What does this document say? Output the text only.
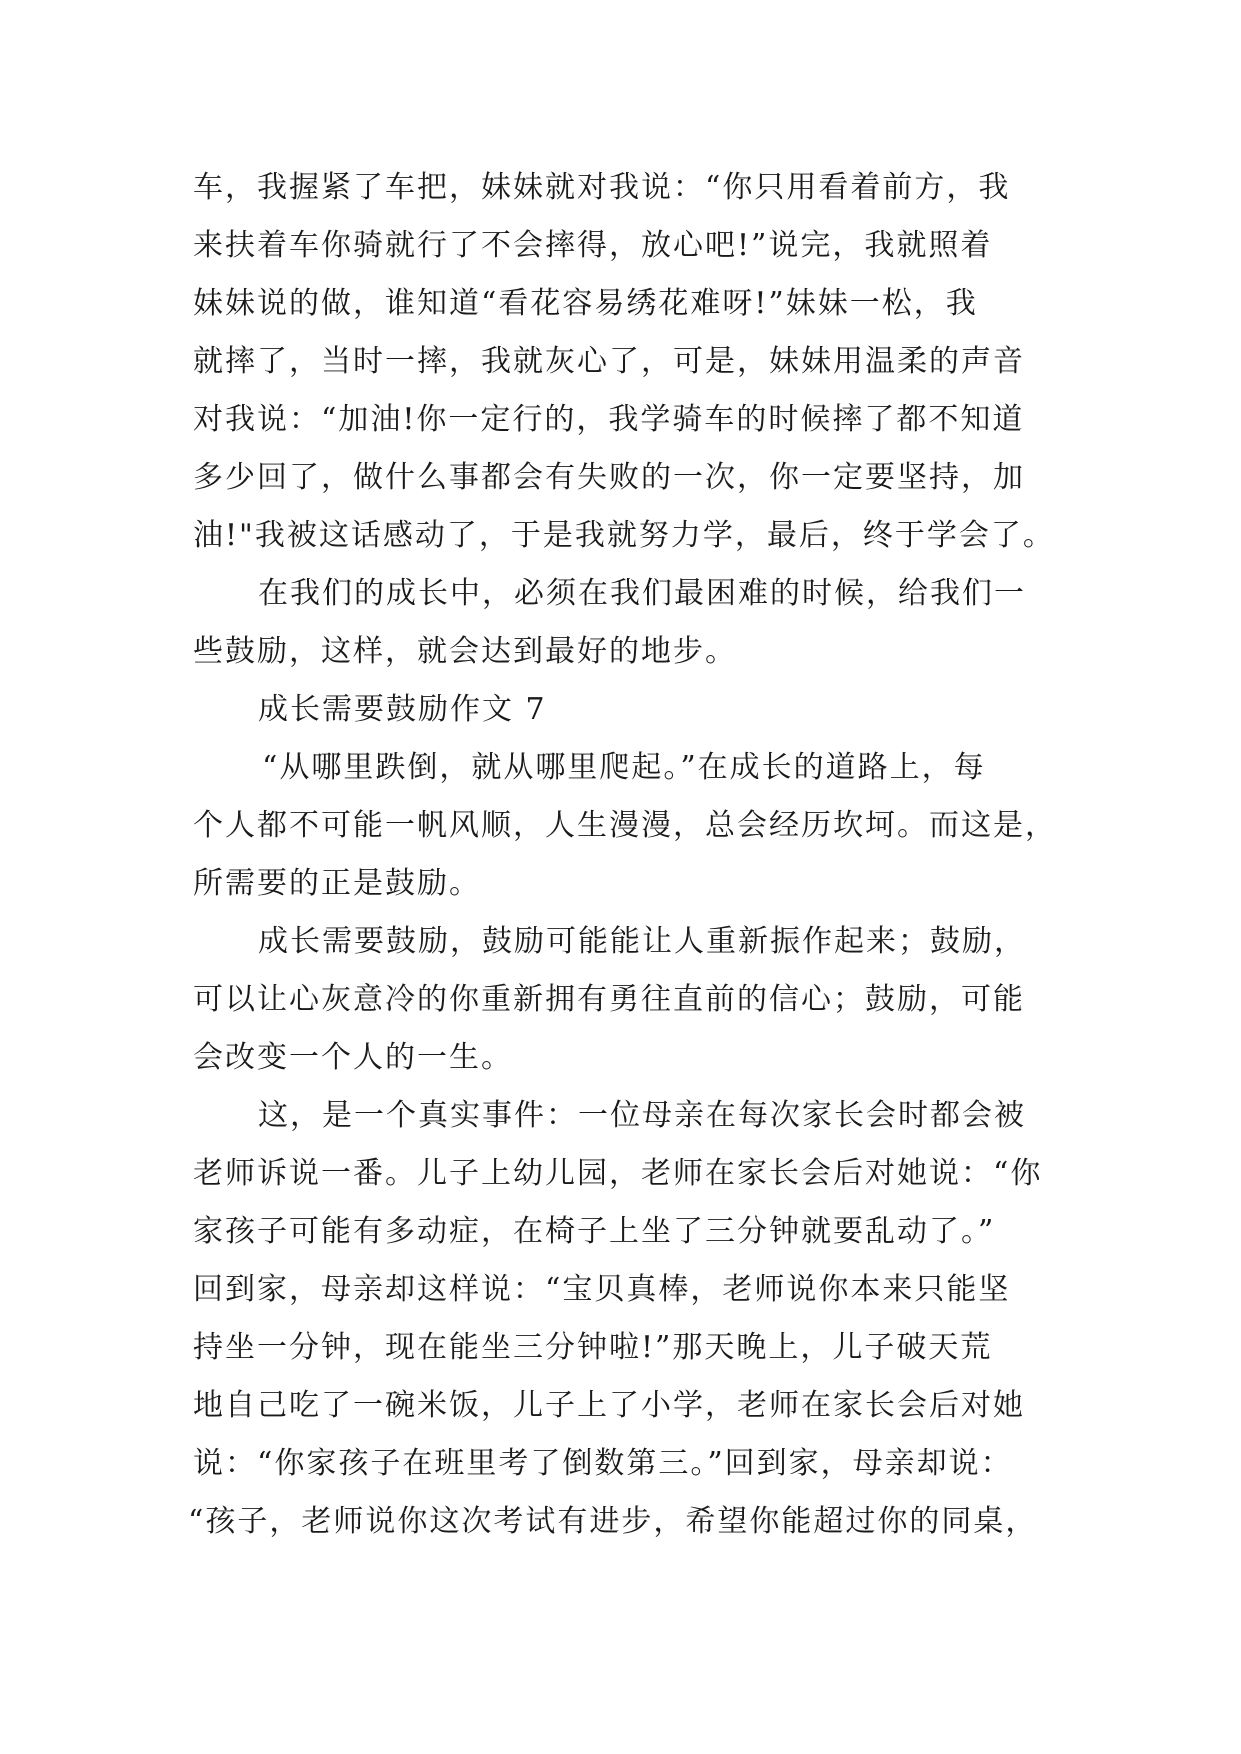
车，我握紧了车把，妹妹就对我说：“你只用看着前方，我
来扶着车你骑就行了不会摔得，放心吧!”说完，我就照着
妹妹说的做，谁知道“看花容易绣花难呀!”妹妹一松，我
就摔了，当时一摔，我就灰心了，可是，妹妹用温柔的声音
对我说：“加油!你一定行的，我学骑车的时候摔了都不知道
多少回了，做什么事都会有失败的一次，你一定要坚持，加
油!"我被这话感动了，于是我就努力学，最后，终于学会了。
在我们的成长中，必须在我们最困难的时候，给我们一
些鼓励，这样，就会达到最好的地步。
成长需要鼓励作文 7
“从哪里跌倒，就从哪里爬起。”在成长的道路上，每
个人都不可能一帆风顺，人生漫漫，总会经历坎坷。而这是，
所需要的正是鼓励。
成长需要鼓励，鼓励可能能让人重新振作起来；鼓励，
可以让心灰意冷的你重新拥有勇往直前的信心；鼓励，可能
会改变一个人的一生。
这，是一个真实事件：一位母亲在每次家长会时都会被
老师诉说一番。儿子上幼儿园，老师在家长会后对她说：“你
家孩子可能有多动症，在椅子上坐了三分钟就要乱动了。”
回到家，母亲却这样说：“宝贝真棒，老师说你本来只能坚
持坐一分钟，现在能坐三分钟啦!”那天晚上，儿子破天荒
地自己吃了一碗米饭，儿子上了小学，老师在家长会后对她
说：“你家孩子在班里考了倒数第三。”回到家，母亲却说：
“孩子，老师说你这次考试有进步，希望你能超过你的同桌，
